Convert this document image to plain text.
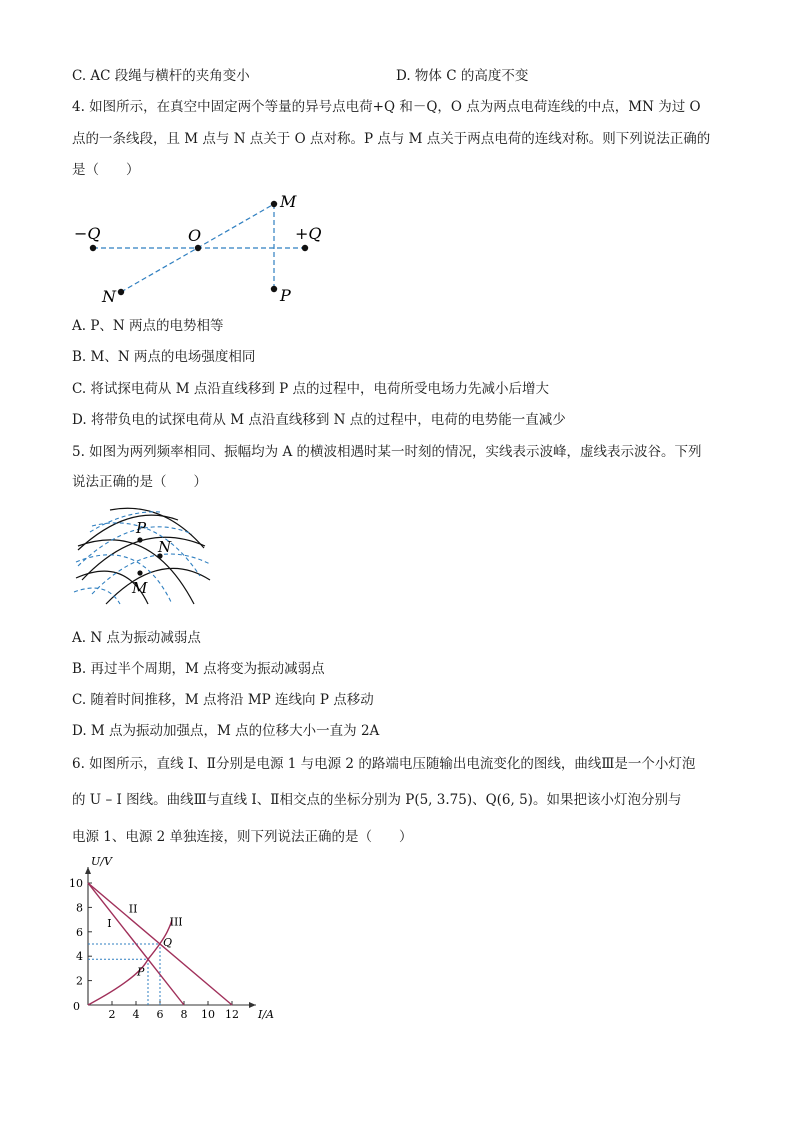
C. AC 段绳与横杆的夹角变小	D. 物体 C 的高度不变
4. 如图所示，在真空中固定两个等量的异号点电荷+Q 和－Q，O 点为两点电荷连线的中点，MN 为过 O
点的一条线段，且 M 点与 N 点关于 O 点对称。P 点与 M 点关于两点电荷的连线对称。则下列说法正确的
是（　　）
−Q	O	+Q
M
N	P
A. P、N 两点的电势相等
B. M、N 两点的电场强度相同
C. 将试探电荷从 M 点沿直线移到 P 点的过程中，电荷所受电场力先减小后增大
D. 将带负电的试探电荷从 M 点沿直线移到 N 点的过程中，电荷的电势能一直减少
5. 如图为两列频率相同、振幅均为 A 的横波相遇时某一时刻的情况，实线表示波峰，虚线表示波谷。下列
说法正确的是（　　）
P
N
M
A. N 点为振动减弱点
B. 再过半个周期，M 点将变为振动减弱点
C. 随着时间推移，M 点将沿 MP 连线向 P 点移动
D. M 点为振动加强点，M 点的位移大小一直为 2A
6. 如图所示，直线 Ⅰ、Ⅱ分别是电源 1 与电源 2 的路端电压随输出电流变化的图线，曲线Ⅲ是一个小灯泡
的 U – I 图线。曲线Ⅲ与直线 Ⅰ、Ⅱ相交点的坐标分别为 P(5, 3.75)、Q(6, 5)。如果把该小灯泡分别与
电源 1、电源 2 单独连接，则下列说法正确的是（　　）
2 4 6 8 10 12
2
4
6
8
10
0
U/V
I/A
I
II
III
P
Q
